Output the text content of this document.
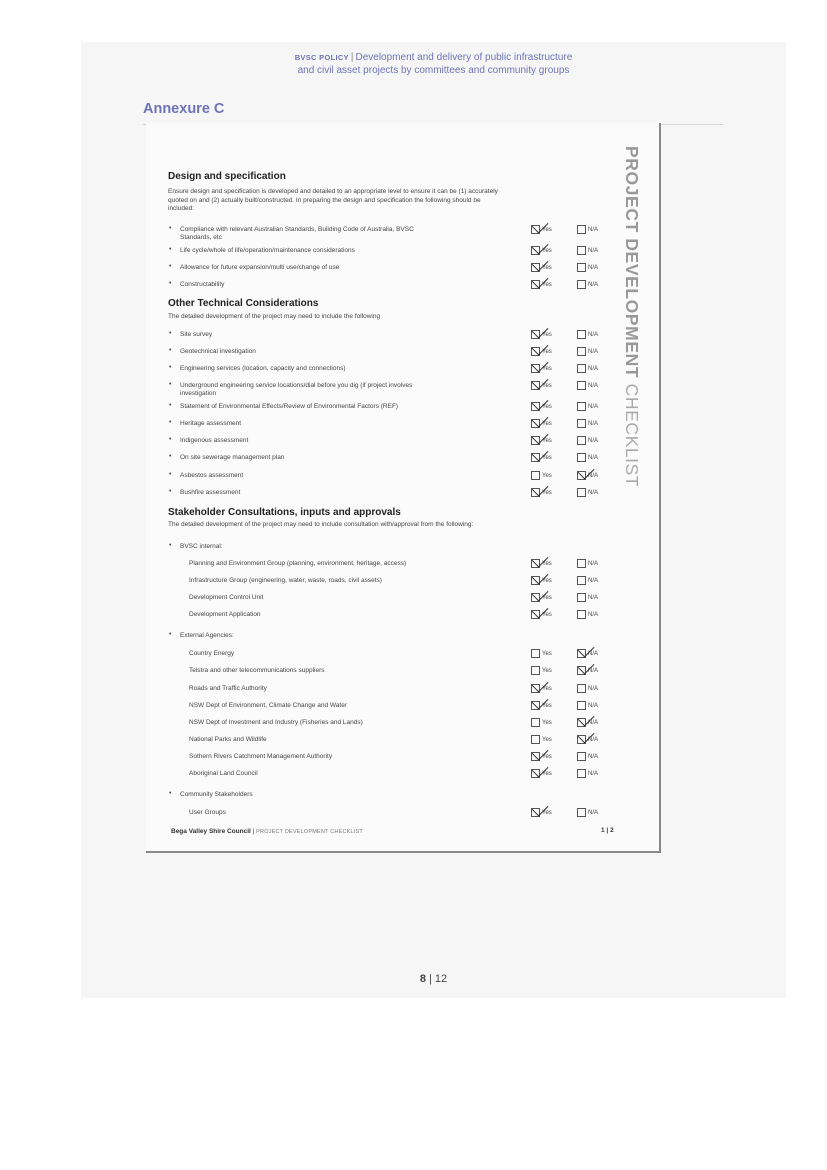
BVSC POLICY | Development and delivery of public infrastructure
and civil asset projects by committees and community groups
Annexure C
PROJECT DEVELOPMENT CHECKLIST
Design and specification
Ensure design and specification is developed and detailed to an appropriate level to ensure it can be (1) accurately
quoted on and (2) actually built/constructed. In preparing the design and specification the following should be
included:
• Compliance with relevant Australian Standards, Building Code of Australia, BVSC
Standards, etc
Yes	N/A
• Life cycle/whole of life/operation/maintenance considerations	Yes	N/A
• Allowance for future expansion/multi use/change of use	Yes	N/A
• Constructability	Yes	N/A
Other Technical Considerations
The detailed development of the project may need to include the following
• Site survey	Yes	N/A
• Geotechnical investigation	Yes	N/A
• Engineering services (location, capacity and connections)	Yes	N/A
• Underground engineering service locations/dial before you dig (if project involves
investigation
Yes	N/A
• Statement of Environmental Effects/Review of Environmental Factors (REF)	Yes	N/A
• Heritage assessment	Yes	N/A
• Indigenous assessment	Yes	N/A
• On site sewerage management plan	Yes	N/A
• Asbestos assessment	Yes	N/A
• Bushfire assessment	Yes	N/A
Stakeholder Consultations, inputs and approvals
The detailed development of the project may need to include consultation with/approval from the following:
• BVSC internal:
Planning and Environment Group (planning, environment, heritage, access)	Yes	N/A
Infrastructure Group (engineering, water, waste, roads, civil assets)	Yes	N/A
Development Control Unit	Yes	N/A
Development Application	Yes	N/A
• External Agencies:
Country Energy	Yes	N/A
Telstra and other telecommunications suppliers	Yes	N/A
Roads and Traffic Authority	Yes	N/A
NSW Dept of Environment, Climate Change and Water	Yes	N/A
NSW Dept of Investment and Industry (Fisheries and Lands)	Yes	N/A
National Parks and Wildlife	Yes	N/A
Sothern Rivers Catchment Management Authority	Yes	N/A
Aboriginal Land Council	Yes	N/A
• Community Stakeholders
User Groups	Yes	N/A
Bega Valley Shire Council | PROJECT DEVELOPMENT CHECKLIST	1 | 2
8 | 12
